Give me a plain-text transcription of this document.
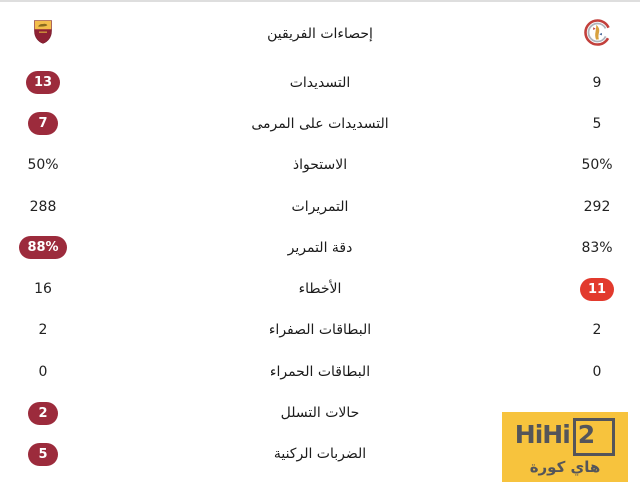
إحصاءات الفريقين
13	التسديدات	9
7	التسديدات على المرمى	5
50%	الاستحواذ	50%
288	التمريرات	292
88%	دقة التمرير	83%
16	الأخطاء	11
2	البطاقات الصفراء	2
0	البطاقات الحمراء	0
2	حالات التسلل
5	الضربات الركنية
HiHi 2
هاي كورة
